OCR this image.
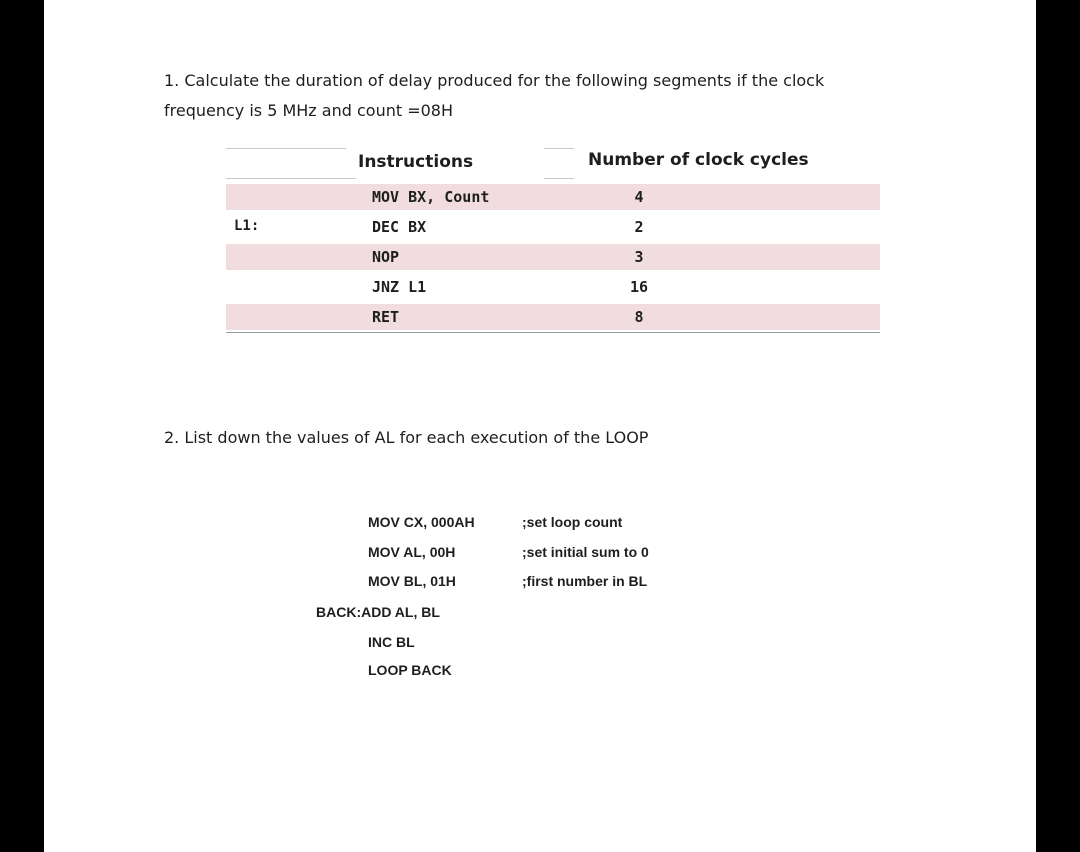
1. Calculate the duration of delay produced for the following segments if the clock
frequency is 5 MHz and count =08H
Instructions	Number of clock cycles
MOV BX, Count	4
L1:	DEC BX	2
NOP	3
JNZ L1	16
RET	8
2. List down the values of AL for each execution of the LOOP
MOV CX, 000AH	;set loop count
MOV AL, 00H	;set initial sum to 0
MOV BL, 01H	;first number in BL
BACK:ADD AL, BL
INC BL
LOOP BACK
